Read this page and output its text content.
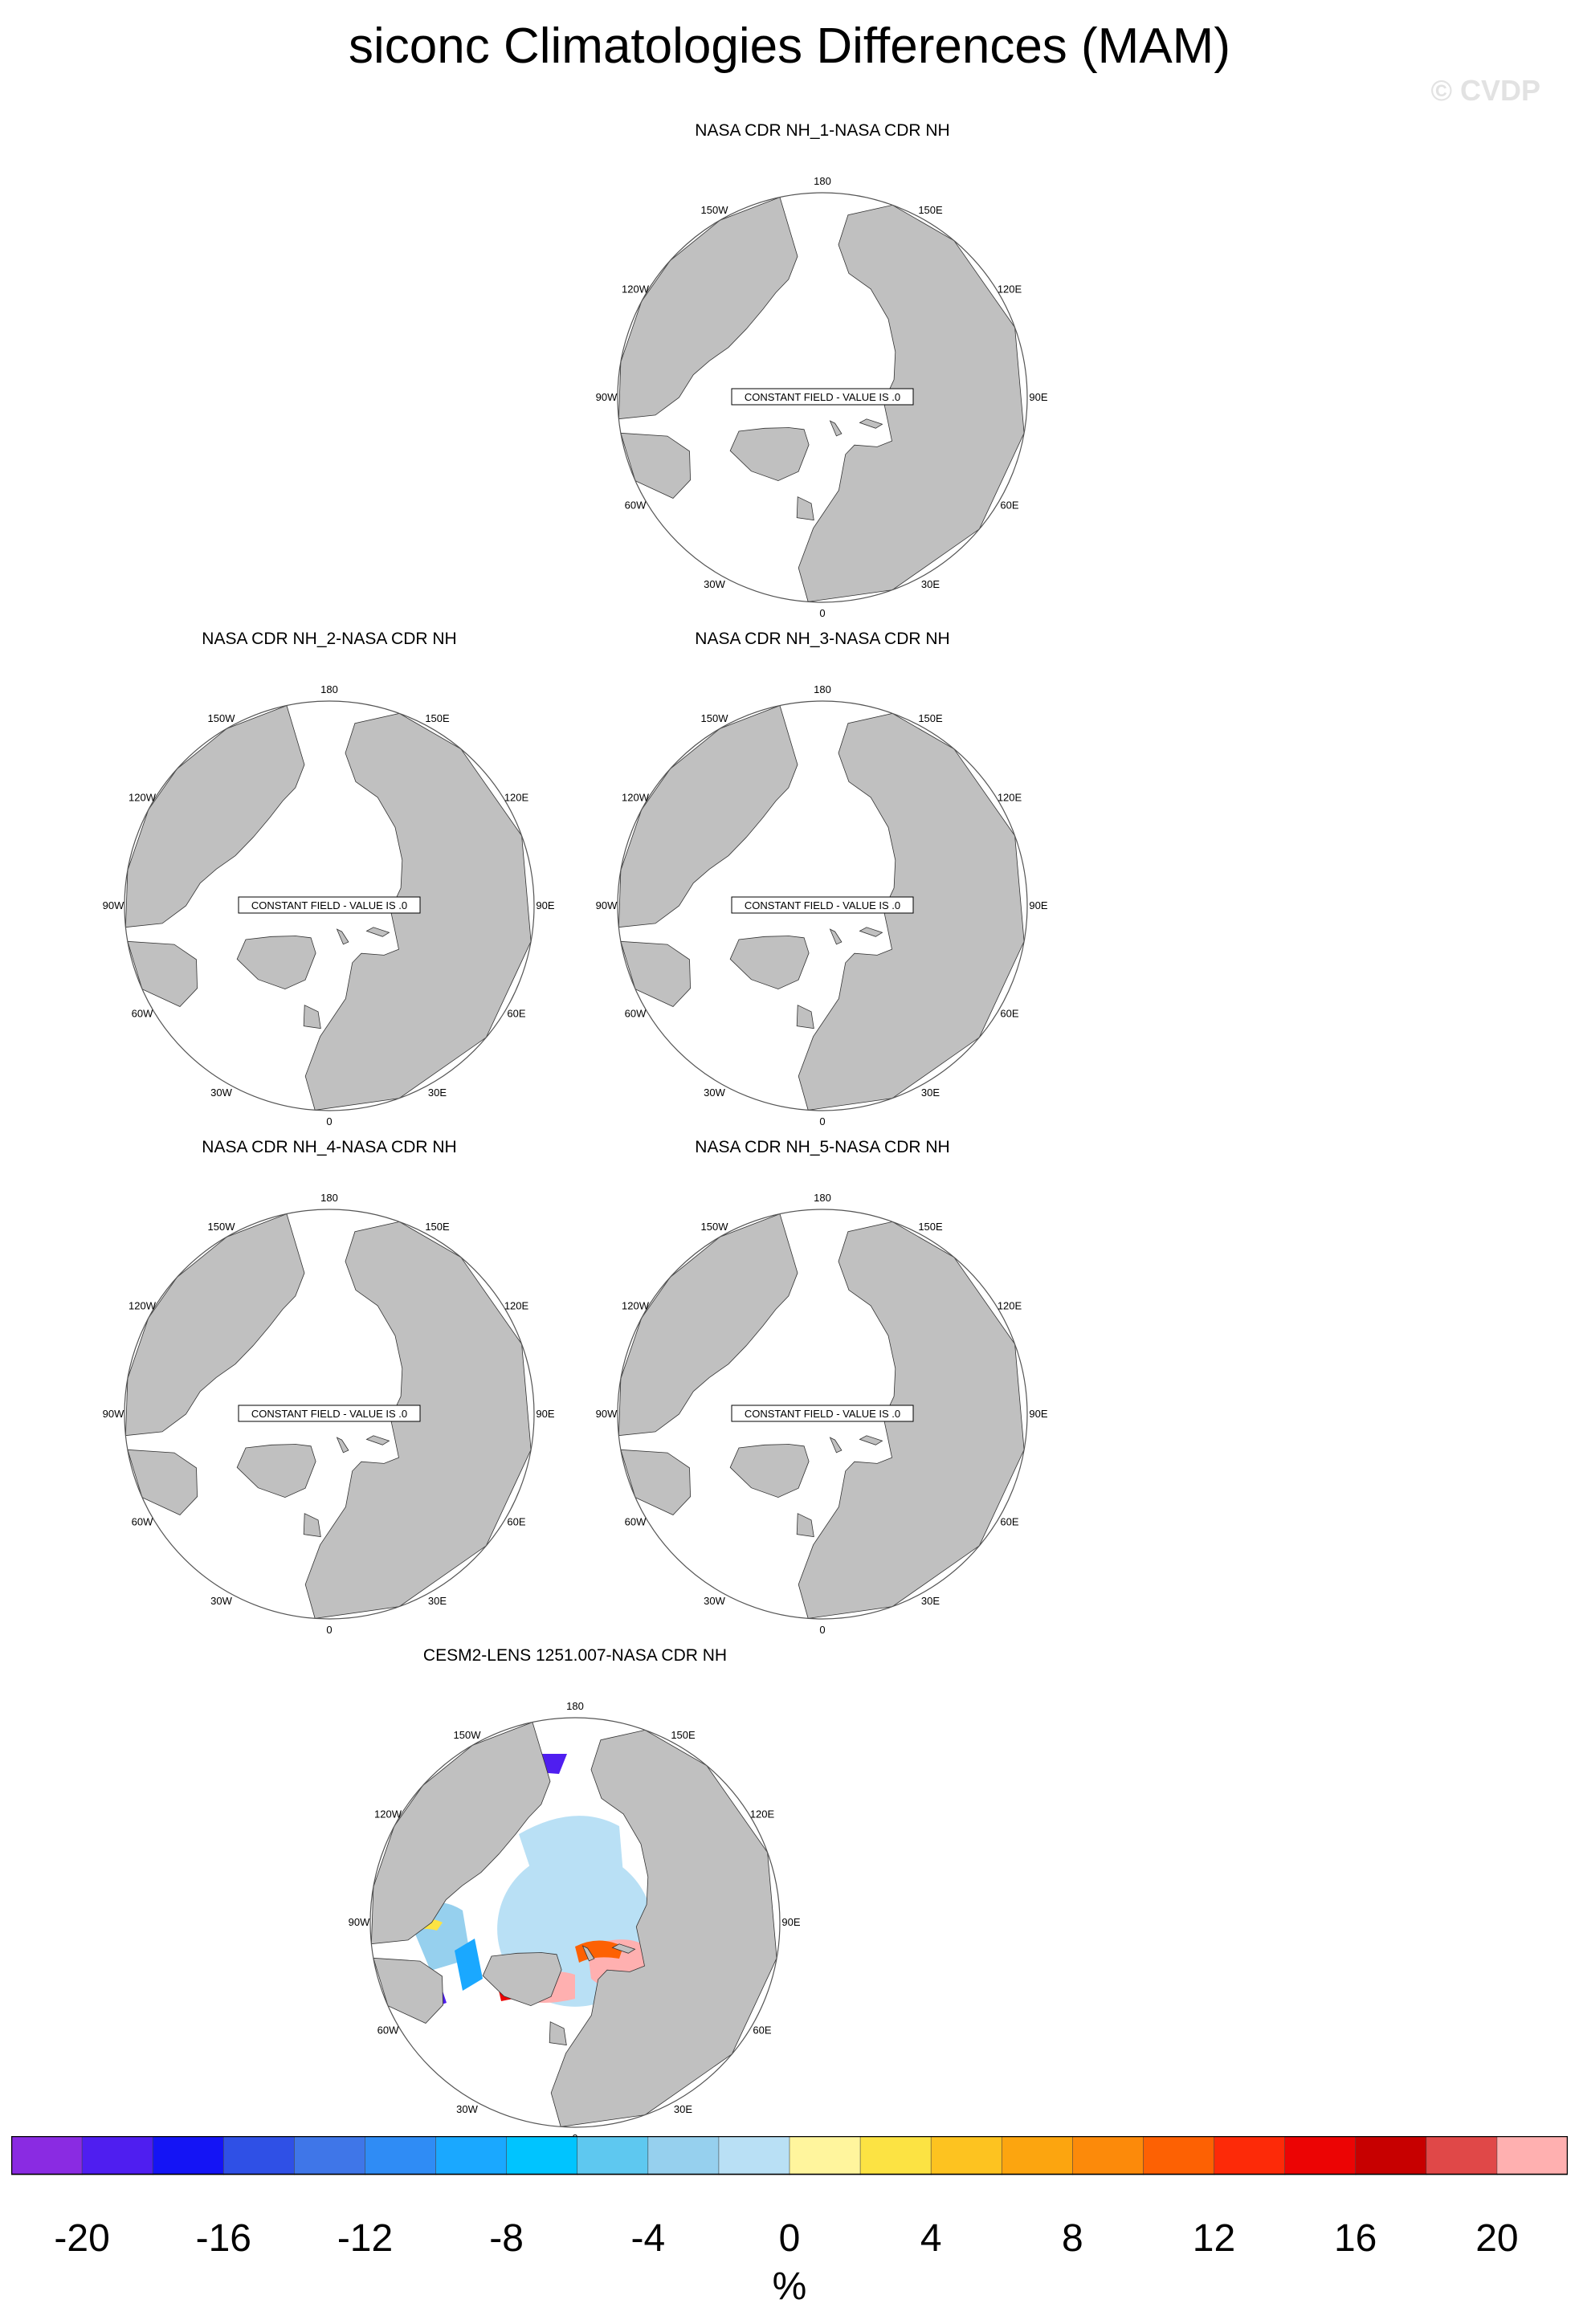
siconc Climatologies Differences (MAM)
© CVDP
NASA CDR NH_1-NASA CDR NH
180
150E
120E
90E
60E
30E
0
30W
60W
90W
120W
150W
CONSTANT FIELD - VALUE IS .0
NASA CDR NH_2-NASA CDR NH
180
150E
120E
90E
60E
30E
0
30W
60W
90W
120W
150W
CONSTANT FIELD - VALUE IS .0
NASA CDR NH_3-NASA CDR NH
180
150E
120E
90E
60E
30E
0
30W
60W
90W
120W
150W
CONSTANT FIELD - VALUE IS .0
NASA CDR NH_4-NASA CDR NH
180
150E
120E
90E
60E
30E
0
30W
60W
90W
120W
150W
CONSTANT FIELD - VALUE IS .0
NASA CDR NH_5-NASA CDR NH
180
150E
120E
90E
60E
30E
0
30W
60W
90W
120W
150W
CONSTANT FIELD - VALUE IS .0
CESM2-LENS 1251.007-NASA CDR NH
180
150E
120E
90E
60E
30E
30W
60W
90W
120W
150W
-20	-16	-12	-8	-4	0	4	8	12	16	20
%
